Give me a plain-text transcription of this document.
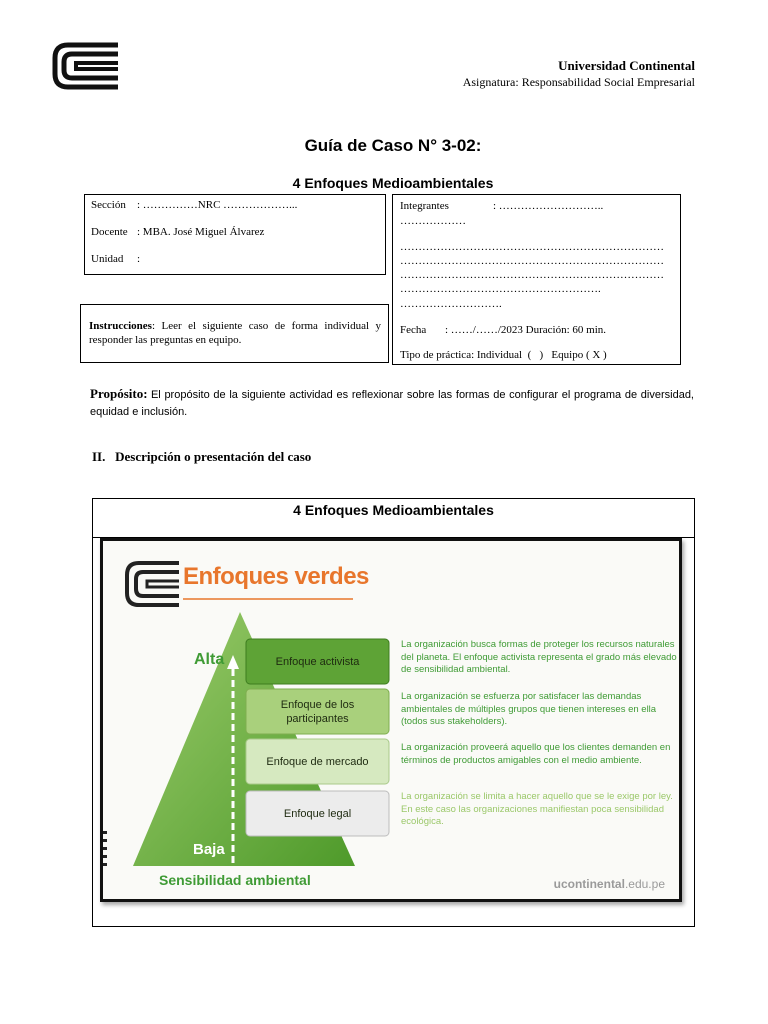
Universidad Continental
Asignatura: Responsabilidad Social Empresarial
Guía de Caso N° 3-02:
4 Enfoques Medioambientales
Sección : ……………NRC ………………...
Docente : MBA. José Miguel Álvarez
Unidad :
Integrantes	: ………………………..
………………
………………………………………………………………
………………………………………………………………
………………………………………………………………
……………………………………………….
……………………….
Fecha : ……/……/2023 Duración: 60 min.
Tipo de práctica: Individual  (   )   Equipo ( X )
Instrucciones: Leer el siguiente caso de forma individual y responder las preguntas en equipo.
Propósito: El propósito de la siguiente actividad es reflexionar sobre las formas de configurar el programa de diversidad, equidad e inclusión.
II.   Descripción o presentación del caso
4 Enfoques Medioambientales
Enfoques verdes
Alta
Baja
Sensibilidad ambiental
Enfoque activista
Enfoque de los participantes
Enfoque de mercado
Enfoque legal
La organización busca formas de proteger los recursos naturales del planeta. El enfoque activista representa el grado más elevado de sensibilidad ambiental.
La organización se esfuerza por satisfacer las demandas ambientales de múltiples grupos que tienen intereses en ella (todos sus stakeholders).
La organización proveerá aquello que los clientes demanden en términos de productos amigables con el medio ambiente.
La organización se limita a hacer aquello que se le exige por ley. En este caso las organizaciones manifiestan poca sensibilidad ecológica.
ucontinental.edu.pe
